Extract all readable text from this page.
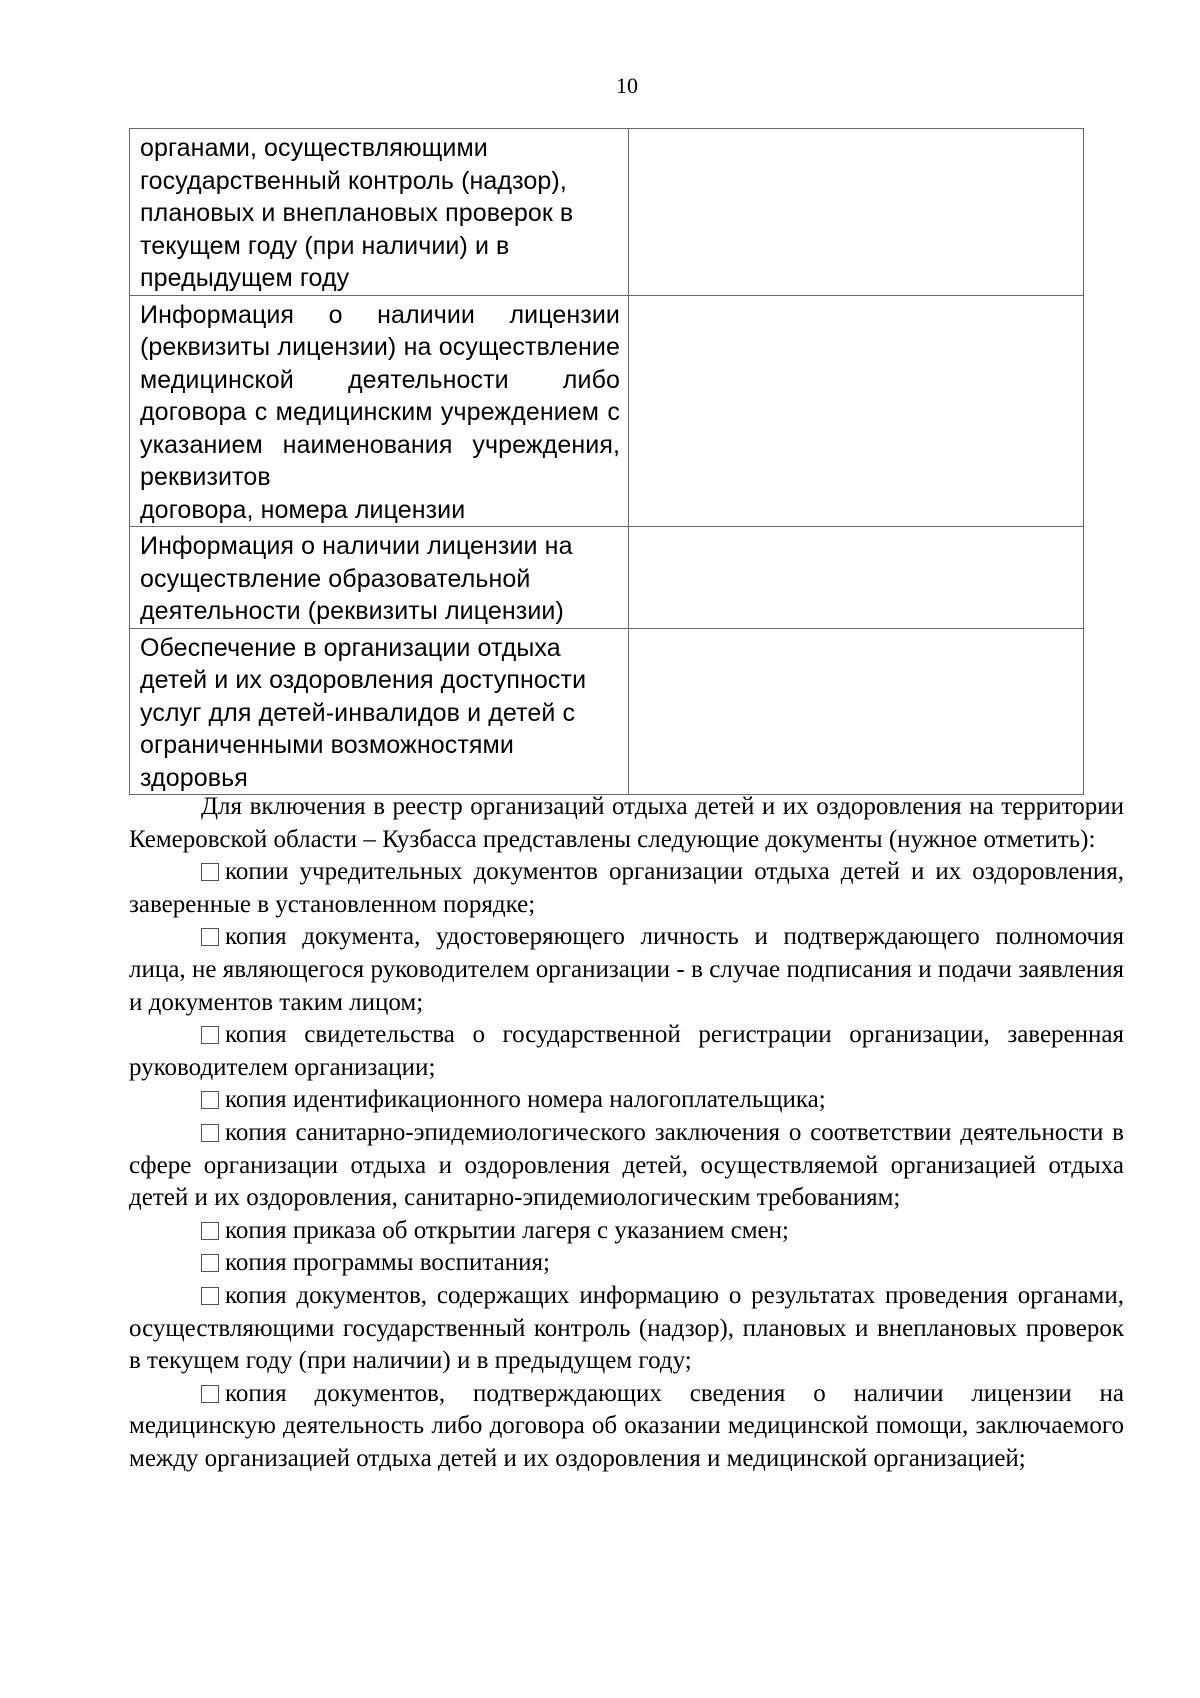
10
органами, осуществляющими государственный контроль (надзор), плановых и внеплановых проверок в текущем году (при наличии) и в предыдущем году	
Информация о наличии лицензии (реквизиты лицензии) на осуществление медицинской деятельности либо договора с медицинским учреждением с указанием наименования учреждения, реквизитов
договора, номера лицензии	

Информация о наличии лицензии на осуществление образовательной деятельности (реквизиты лицензии)	
Обеспечение в организации отдыха детей и их оздоровления доступности услуг для детей-инвалидов и детей с ограниченными возможностями здоровья	

Для включения в реестр организаций отдыха детей и их оздоровления на территории Кемеровской области – Кузбасса представлены следующие документы (нужное отметить):

копии учредительных документов организации отдыха детей и их оздоровления, заверенные в установленном порядке;

копия документа, удостоверяющего личность и подтверждающего полномочия лица, не являющегося руководителем организации - в случае подписания и подачи заявления и документов таким лицом;

копия свидетельства о государственной регистрации организации, заверенная руководителем организации;

копия идентификационного номера налогоплательщика;

копия санитарно-эпидемиологического заключения о соответствии деятельности в сфере организации отдыха и оздоровления детей, осуществляемой организацией отдыха детей и их оздоровления, санитарно-эпидемиологическим требованиям;

копия приказа об открытии лагеря с указанием смен;

копия программы воспитания;

копия документов, содержащих информацию о результатах проведения органами, осуществляющими государственный контроль (надзор), плановых и внеплановых проверок в текущем году (при наличии) и в предыдущем году;

копия документов, подтверждающих сведения о наличии лицензии на медицинскую деятельность либо договора об оказании медицинской помощи, заключаемого между организацией отдыха детей и их оздоровления и медицинской организацией;
